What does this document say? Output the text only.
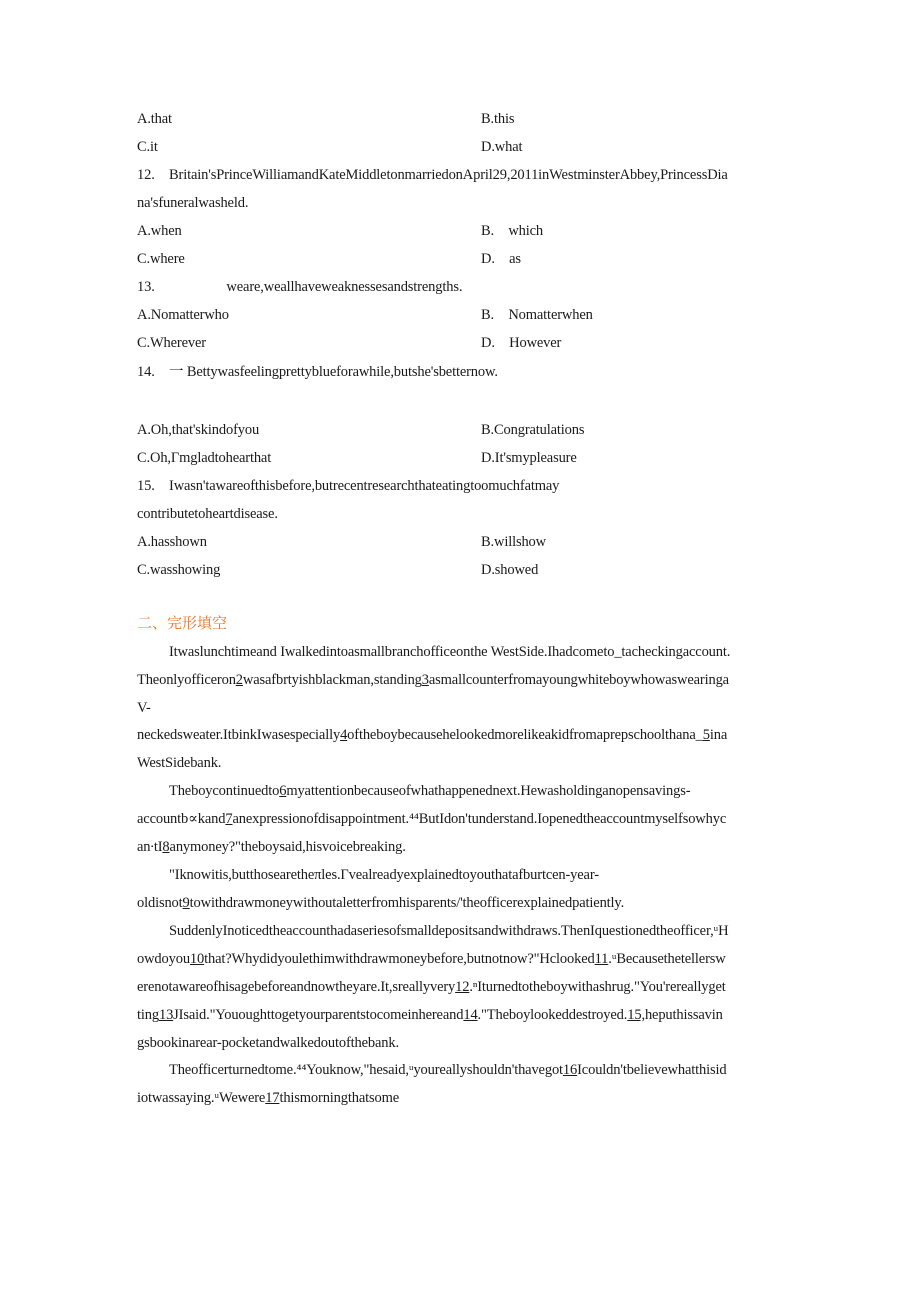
A.that	B.this
C.it	D.what
12.　Britain'sPrinceWilliamandKateMiddletonmarriedonApril29,2011inWestminsterAbbey,PrincessDia
na'sfuneralwasheld.
A.when	B.　which
C.where	D.　as
13.　　　　　weare,weallhaveweaknessesandstrengths.
A.Nomatterwho	B.　Nomatterwhen
C.Wherever	D.　However
14.　一 Bettywasfeelingprettyblueforawhile,butshe'sbetternow.
A.Oh,that'skindofyou	B.Congratulations
C.Oh,Γmgladtohearthat	D.It'smypleasure
15.　Iwasn'tawareofthisbefore,butrecentresearchthateatingtoomuchfatmay
contributetoheartdisease.
A.hasshown	B.willshow
C.wasshowing	D.showed
二、完形填空
Itwaslunchtimeand Iwalkedintoasmallbranchofficeonthe WestSide.Ihadcometo_tacheckingaccount.
Theonlyofficeron2wasafbrtyishblackman,standing3asmallcounterfromayoungwhiteboywhowaswearinga
V-
neckedsweater.ItbinkIwasespecially4oftheboybecausehelookedmorelikeakidfromaprepschoolthana_5ina
WestSidebank.
Theboycontinuedto6myattentionbecauseofwhathappenednext.Hewasholdinganopensavings-
accountb∝kand7anexpressionofdisappointment.⁴⁴ButIdon'tunderstand.Iopenedtheaccountmyselfsowhyc
an∙tI8anymoney?"theboysaid,hisvoicebreaking.
"Iknowitis,butthosearetheπles.Γvealreadyexplainedtoyouthatafburtcen-year-
oldisnot9towithdrawmoneywithoutaletterfromhisparents/'theofficerexplainedpatiently.
SuddenlyInoticedtheaccounthadaseriesofsmalldepositsandwithdraws.ThenIquestionedtheofficer,ᵘH
owdoyou10that?Whydidyoulethimwithdrawmoneybefore,butnotnow?"Hclooked11.ᵘBecausethetellersw
erenotawareofhisagebeforeandnowtheyare.It,sreallyvery12.ⁿIturnedtotheboywithashrug."You'rereallyget
ting13JIsaid."Yououghttogetyourparentstocomeinhereand14."Theboylookeddestroyed.15,heputhissavin
gsbookinarear-pocketandwalkedoutofthebank.
Theofficerturnedtome.⁴⁴Youknow,"hesaid,ᵘyoureallyshouldn'thavegot16Icouldn'tbelievewhatthisid
iotwassaying.ᵘWewere17thismorningthatsome
